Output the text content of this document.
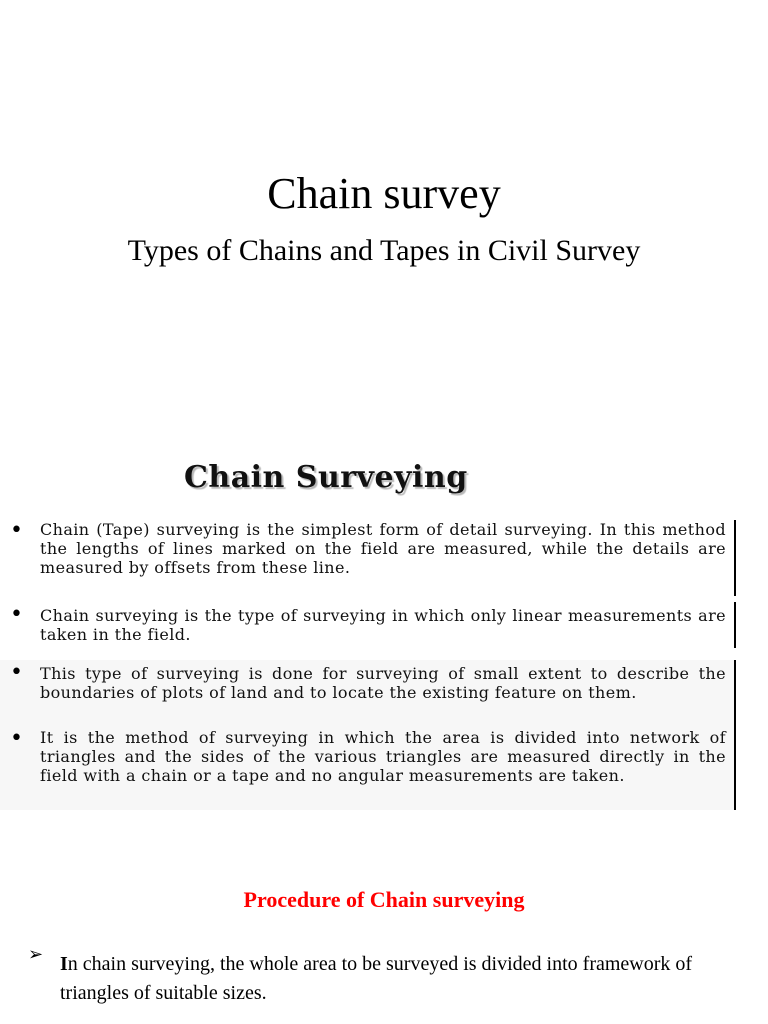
Chain survey
Types of Chains and Tapes in Civil Survey
Chain Surveying
• Chain (Tape) surveying is the simplest form of detail surveying. In this method the lengths of lines marked on the field are measured, while the details are measured by offsets from these line.
• Chain surveying is the type of surveying in which only linear measurements are taken in the field.
• This type of surveying is done for surveying of small extent to describe the boundaries of plots of land and to locate the existing feature on them.
• It is the method of surveying in which the area is divided into network of triangles and the sides of the various triangles are measured directly in the field with a chain or a tape and no angular measurements are taken.
Procedure of Chain surveying
➢ In chain surveying, the whole area to be surveyed is divided into framework of triangles of suitable sizes.
